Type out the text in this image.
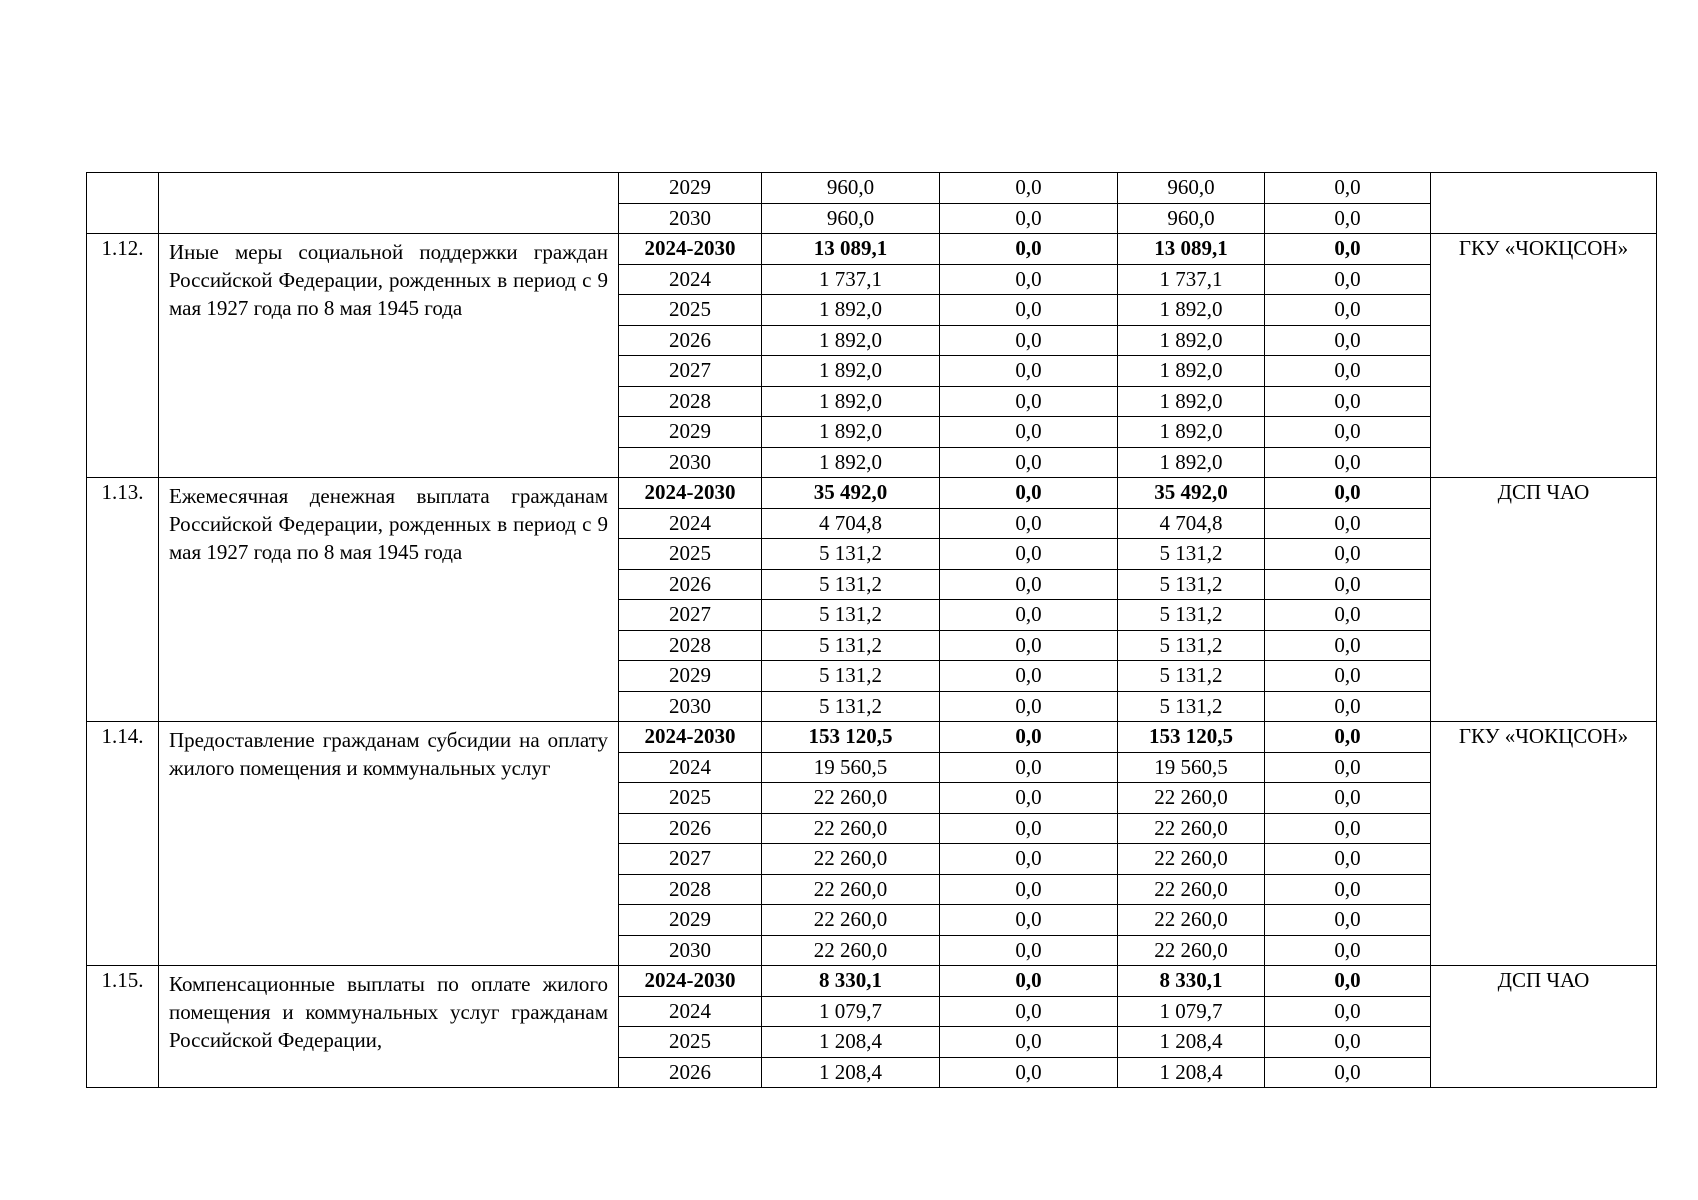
		2029	960,0	0,0	960,0	0,0	
		2030	960,0	0,0	960,0	0,0	
1.12.	Иные меры социальной поддержки граждан Российской Федерации, рожденных в период с 9 мая 1927 года по 8 мая 1945 года	2024-2030	13 089,1	0,0	13 089,1	0,0	ГКУ «ЧОКЦСОН»
		2024	1 737,1	0,0	1 737,1	0,0	
		2025	1 892,0	0,0	1 892,0	0,0	
		2026	1 892,0	0,0	1 892,0	0,0	
		2027	1 892,0	0,0	1 892,0	0,0	
		2028	1 892,0	0,0	1 892,0	0,0	
		2029	1 892,0	0,0	1 892,0	0,0	
		2030	1 892,0	0,0	1 892,0	0,0	
1.13.	Ежемесячная денежная выплата гражданам Российской Федерации, рожденных в период с 9 мая 1927 года по 8 мая 1945 года	2024-2030	35 492,0	0,0	35 492,0	0,0	ДСП ЧАО
		2024	4 704,8	0,0	4 704,8	0,0	
		2025	5 131,2	0,0	5 131,2	0,0	
		2026	5 131,2	0,0	5 131,2	0,0	
		2027	5 131,2	0,0	5 131,2	0,0	
		2028	5 131,2	0,0	5 131,2	0,0	
		2029	5 131,2	0,0	5 131,2	0,0	
		2030	5 131,2	0,0	5 131,2	0,0	
1.14.	Предоставление гражданам субсидии на оплату жилого помещения и коммунальных услуг	2024-2030	153 120,5	0,0	153 120,5	0,0	ГКУ «ЧОКЦСОН»
		2024	19 560,5	0,0	19 560,5	0,0	
		2025	22 260,0	0,0	22 260,0	0,0	
		2026	22 260,0	0,0	22 260,0	0,0	
		2027	22 260,0	0,0	22 260,0	0,0	
		2028	22 260,0	0,0	22 260,0	0,0	
		2029	22 260,0	0,0	22 260,0	0,0	
		2030	22 260,0	0,0	22 260,0	0,0	
1.15.	Компенсационные выплаты по оплате жилого помещения и коммунальных услуг гражданам Российской Федерации,	2024-2030	8 330,1	0,0	8 330,1	0,0	ДСП ЧАО
		2024	1 079,7	0,0	1 079,7	0,0	
		2025	1 208,4	0,0	1 208,4	0,0	
		2026	1 208,4	0,0	1 208,4	0,0	
